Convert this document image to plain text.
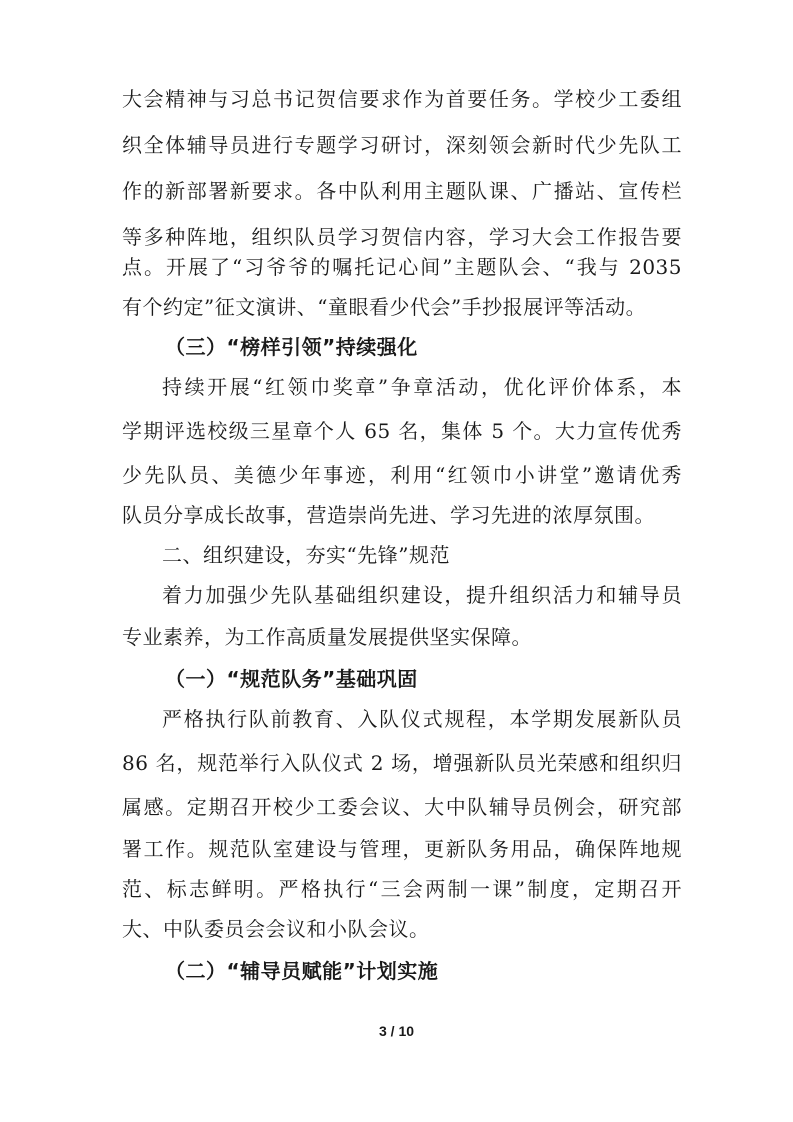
大会精神与习总书记贺信要求作为首要任务。学校少工委组
织全体辅导员进行专题学习研讨，深刻领会新时代少先队工
作的新部署新要求。各中队利用主题队课、广播站、宣传栏
等多种阵地，组织队员学习贺信内容，学习大会工作报告要
点。开展了“习爷爷的嘱托记心间”主题队会、“我与 2035
有个约定”征文演讲、“童眼看少代会”手抄报展评等活动。
（三）“榜样引领”持续强化
持续开展“红领巾奖章”争章活动，优化评价体系，本
学期评选校级三星章个人 65 名，集体 5 个。大力宣传优秀
少先队员、美德少年事迹，利用“红领巾小讲堂”邀请优秀
队员分享成长故事，营造崇尚先进、学习先进的浓厚氛围。
二、组织建设，夯实“先锋”规范
着力加强少先队基础组织建设，提升组织活力和辅导员
专业素养，为工作高质量发展提供坚实保障。
（一）“规范队务”基础巩固
严格执行队前教育、入队仪式规程，本学期发展新队员
86 名，规范举行入队仪式 2 场，增强新队员光荣感和组织归
属感。定期召开校少工委会议、大中队辅导员例会，研究部
署工作。规范队室建设与管理，更新队务用品，确保阵地规
范、标志鲜明。严格执行“三会两制一课”制度，定期召开
大、中队委员会会议和小队会议。
（二）“辅导员赋能”计划实施
3 / 10
